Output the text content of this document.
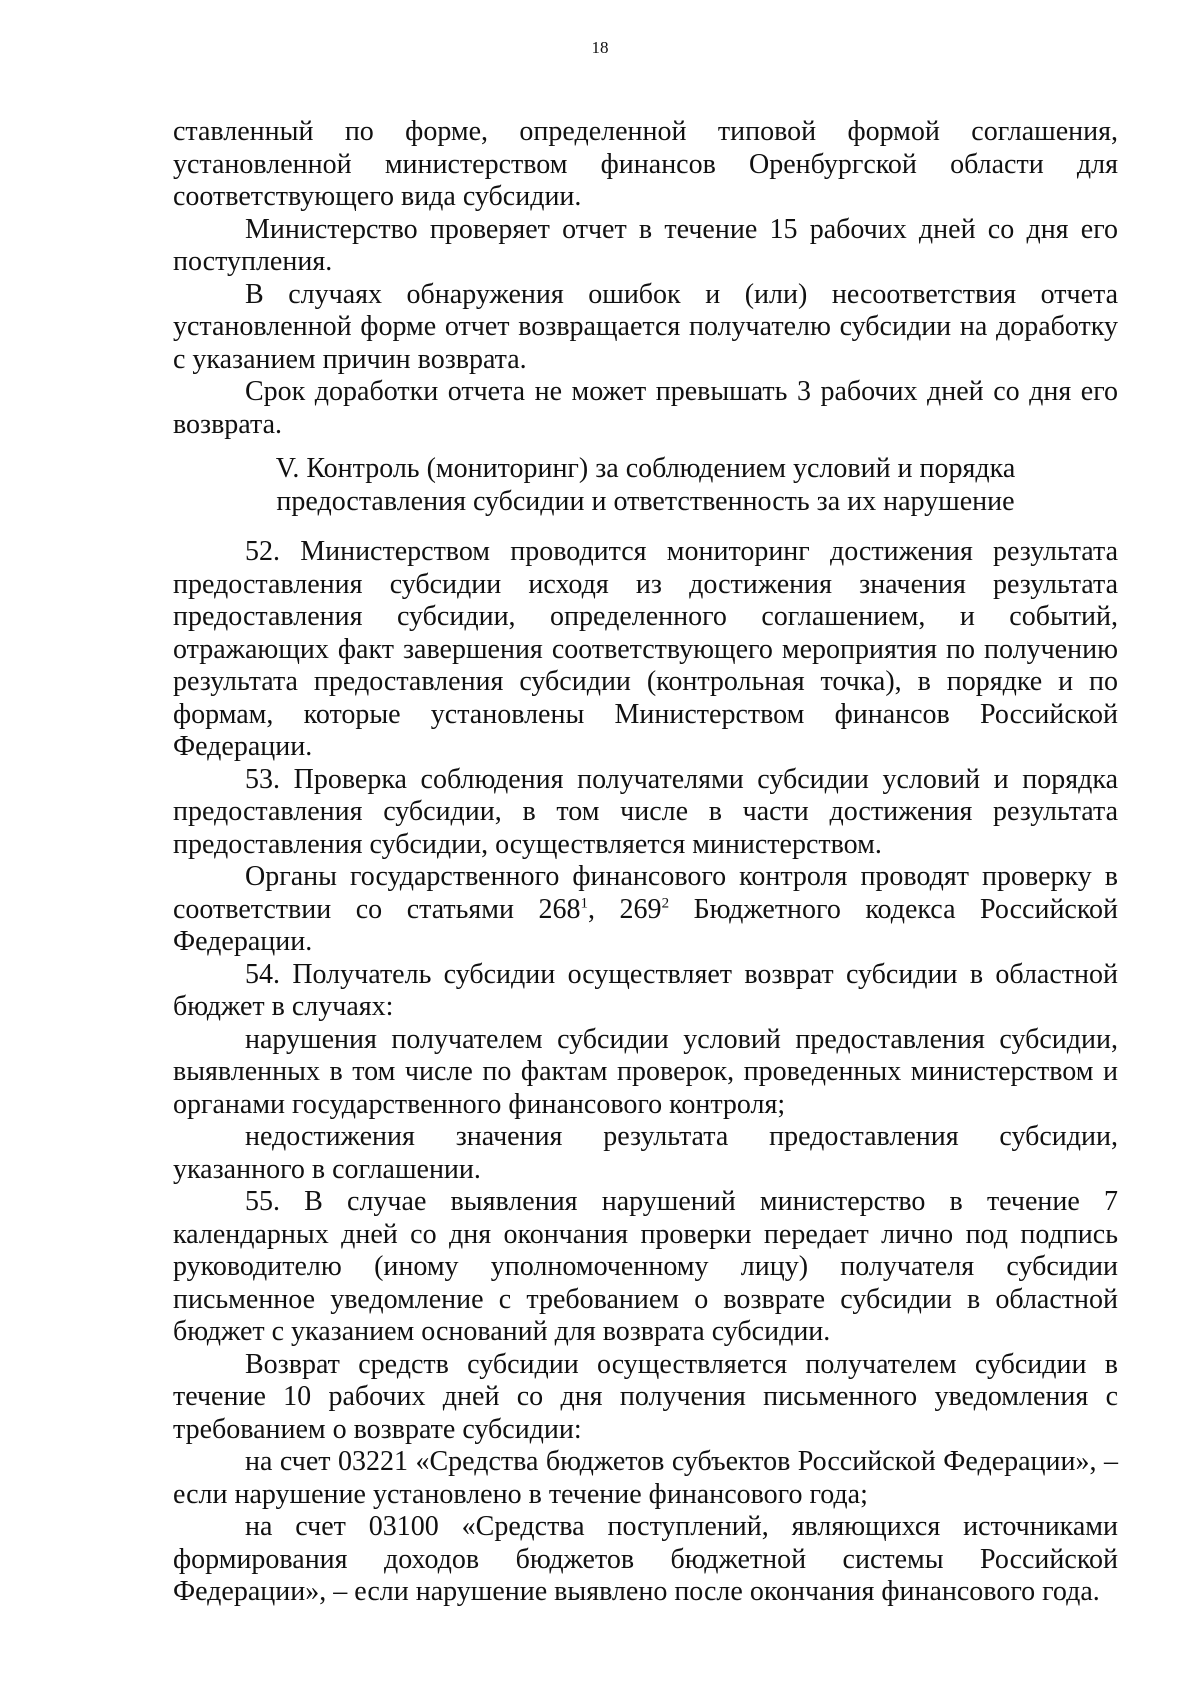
18

ставленный по форме, определенной типовой формой соглашения, установленной министерством финансов Оренбургской области для соответствующего вида субсидии.

Министерство проверяет отчет в течение 15 рабочих дней со дня его поступления.

В случаях обнаружения ошибок и (или) несоответствия отчета установленной форме отчет возвращается получателю субсидии на доработку с указанием причин возврата.

Срок доработки отчета не может превышать 3 рабочих дней со дня его возврата.

V. Контроль (мониторинг) за соблюдением условий и порядка
предоставления субсидии и ответственность за их нарушение

52. Министерством проводится мониторинг достижения результата предоставления субсидии исходя из достижения значения результата предоставления субсидии, определенного соглашением, и событий, отражающих факт завершения соответствующего мероприятия по получению результата предоставления субсидии (контрольная точка), в порядке и по формам, которые установлены Министерством финансов Российской Федерации.

53. Проверка соблюдения получателями субсидии условий и порядка предоставления субсидии, в том числе в части достижения результата предоставления субсидии, осуществляется министерством.

Органы государственного финансового контроля проводят проверку в соответствии со статьями $268^1$, $269^2$ Бюджетного кодекса Российской Федерации.

54. Получатель субсидии осуществляет возврат субсидии в областной бюджет в случаях:

нарушения получателем субсидии условий предоставления субсидии, выявленных в том числе по фактам проверок, проведенных министерством и органами государственного финансового контроля;

недостижения значения результата предоставления субсидии, указанного в соглашении.

55. В случае выявления нарушений министерство в течение 7 календарных дней со дня окончания проверки передает лично под подпись руководителю (иному уполномоченному лицу) получателя субсидии письменное уведомление с требованием о возврате субсидии в областной бюджет с указанием оснований для возврата субсидии.

Возврат средств субсидии осуществляется получателем субсидии в течение 10 рабочих дней со дня получения письменного уведомления с требованием о возврате субсидии:

на счет 03221 «Средства бюджетов субъектов Российской Федерации», – если нарушение установлено в течение финансового года;

на счет 03100 «Средства поступлений, являющихся источниками формирования доходов бюджетов бюджетной системы Российской Федерации», – если нарушение выявлено после окончания финансового года.
